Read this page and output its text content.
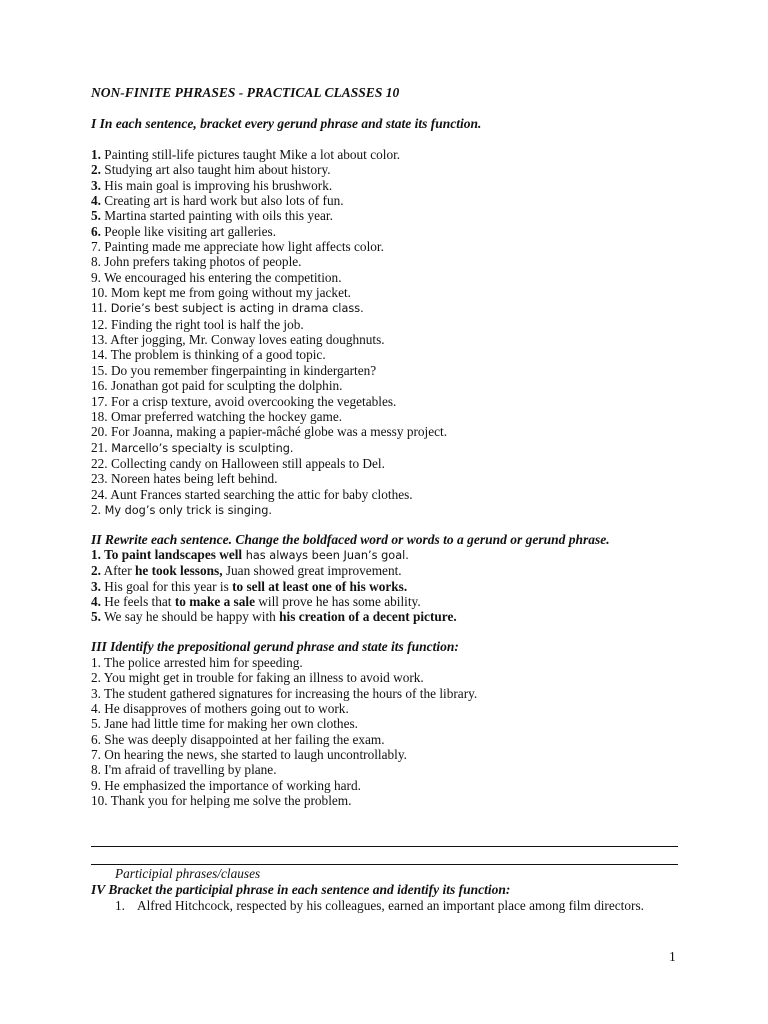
NON-FINITE PHRASES - PRACTICAL CLASSES 10
I In each sentence, bracket every gerund phrase and state its function.
1. Painting still-life pictures taught Mike a lot about color.
2. Studying art also taught him about history.
3. His main goal is improving his brushwork.
4. Creating art is hard work but also lots of fun.
5. Martina started painting with oils this year.
6. People like visiting art galleries.
7. Painting made me appreciate how light affects color.
8. John prefers taking photos of people.
9. We encouraged his entering the competition.
10. Mom kept me from going without my jacket.
11. Dorie’s best subject is acting in drama class.
12. Finding the right tool is half the job.
13. After jogging, Mr. Conway loves eating doughnuts.
14. The problem is thinking of a good topic.
15. Do you remember fingerpainting in kindergarten?
16. Jonathan got paid for sculpting the dolphin.
17. For a crisp texture, avoid overcooking the vegetables.
18. Omar preferred watching the hockey game.
20. For Joanna, making a papier-mâché globe was a messy project.
21. Marcello’s specialty is sculpting.
22. Collecting candy on Halloween still appeals to Del.
23. Noreen hates being left behind.
24. Aunt Frances started searching the attic for baby clothes.
2. My dog’s only trick is singing.
II Rewrite each sentence. Change the boldfaced word or words to a gerund or gerund phrase.
1. To paint landscapes well has always been Juan’s goal.
2. After he took lessons, Juan showed great improvement.
3. His goal for this year is to sell at least one of his works.
4. He feels that to make a sale will prove he has some ability.
5. We say he should be happy with his creation of a decent picture.
III Identify the prepositional gerund phrase and state its function:
1. The police arrested him for speeding.
2. You might get in trouble for faking an illness to avoid work.
3. The student gathered signatures for increasing the hours of the library.
4. He disapproves of mothers going out to work.
5. Jane had little time for making her own clothes.
6. She was deeply disappointed at her failing the exam.
7. On hearing the news, she started to laugh uncontrollably.
8. I'm afraid of travelling by plane.
9. He emphasized the importance of working hard.
10. Thank you for helping me solve the problem.
Participial phrases/clauses
IV Bracket the participial phrase in each sentence and identify its function:
1. Alfred Hitchcock, respected by his colleagues, earned an important place among film directors.
1
